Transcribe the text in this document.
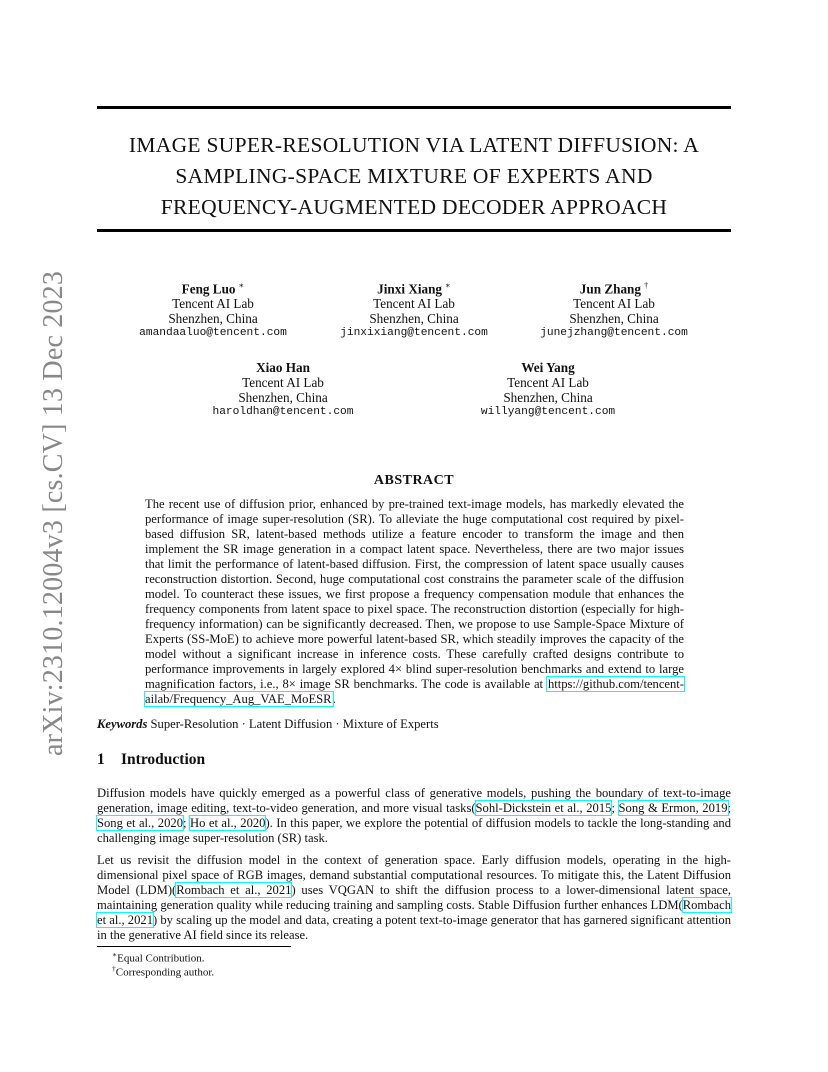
arXiv:2310.12004v3 [cs.CV] 13 Dec 2023
IMAGE SUPER-RESOLUTION VIA LATENT DIFFUSION: A
SAMPLING-SPACE MIXTURE OF EXPERTS AND
FREQUENCY-AUGMENTED DECODER APPROACH
Feng Luo ∗
Tencent AI Lab
Shenzhen, China
amandaaluo@tencent.com
Jinxi Xiang ∗
Tencent AI Lab
Shenzhen, China
jinxixiang@tencent.com
Jun Zhang †
Tencent AI Lab
Shenzhen, China
junejzhang@tencent.com
Xiao Han
Tencent AI Lab
Shenzhen, China
haroldhan@tencent.com
Wei Yang
Tencent AI Lab
Shenzhen, China
willyang@tencent.com
ABSTRACT
The recent use of diffusion prior, enhanced by pre-trained text-image models, has markedly elevated the performance of image super-resolution (SR). To alleviate the huge computational cost required by pixel-based diffusion SR, latent-based methods utilize a feature encoder to transform the image and then implement the SR image generation in a compact latent space. Nevertheless, there are two major issues that limit the performance of latent-based diffusion. First, the compression of latent space usually causes reconstruction distortion. Second, huge computational cost constrains the parameter scale of the diffusion model. To counteract these issues, we first propose a frequency compensation module that enhances the frequency components from latent space to pixel space. The reconstruction distortion (especially for high-frequency information) can be significantly decreased. Then, we propose to use Sample-Space Mixture of Experts (SS-MoE) to achieve more powerful latent-based SR, which steadily improves the capacity of the model without a significant increase in inference costs. These carefully crafted designs contribute to performance improvements in largely explored 4× blind super-resolution benchmarks and extend to large magnification factors, i.e., 8× image SR benchmarks. The code is available at https://github.com/tencent-ailab/Frequency_Aug_VAE_MoESR.
Keywords Super-Resolution · Latent Diffusion · Mixture of Experts
1 Introduction
Diffusion models have quickly emerged as a powerful class of generative models, pushing the boundary of text-to-image generation, image editing, text-to-video generation, and more visual tasks(Sohl-Dickstein et al., 2015; Song & Ermon, 2019; Song et al., 2020; Ho et al., 2020). In this paper, we explore the potential of diffusion models to tackle the long-standing and challenging image super-resolution (SR) task.
Let us revisit the diffusion model in the context of generation space. Early diffusion models, operating in the high-dimensional pixel space of RGB images, demand substantial computational resources. To mitigate this, the Latent Diffusion Model (LDM)(Rombach et al., 2021) uses VQGAN to shift the diffusion process to a lower-dimensional latent space, maintaining generation quality while reducing training and sampling costs. Stable Diffusion further enhances LDM(Rombach et al., 2021) by scaling up the model and data, creating a potent text-to-image generator that has garnered significant attention in the generative AI field since its release.
∗Equal Contribution.
†Corresponding author.
